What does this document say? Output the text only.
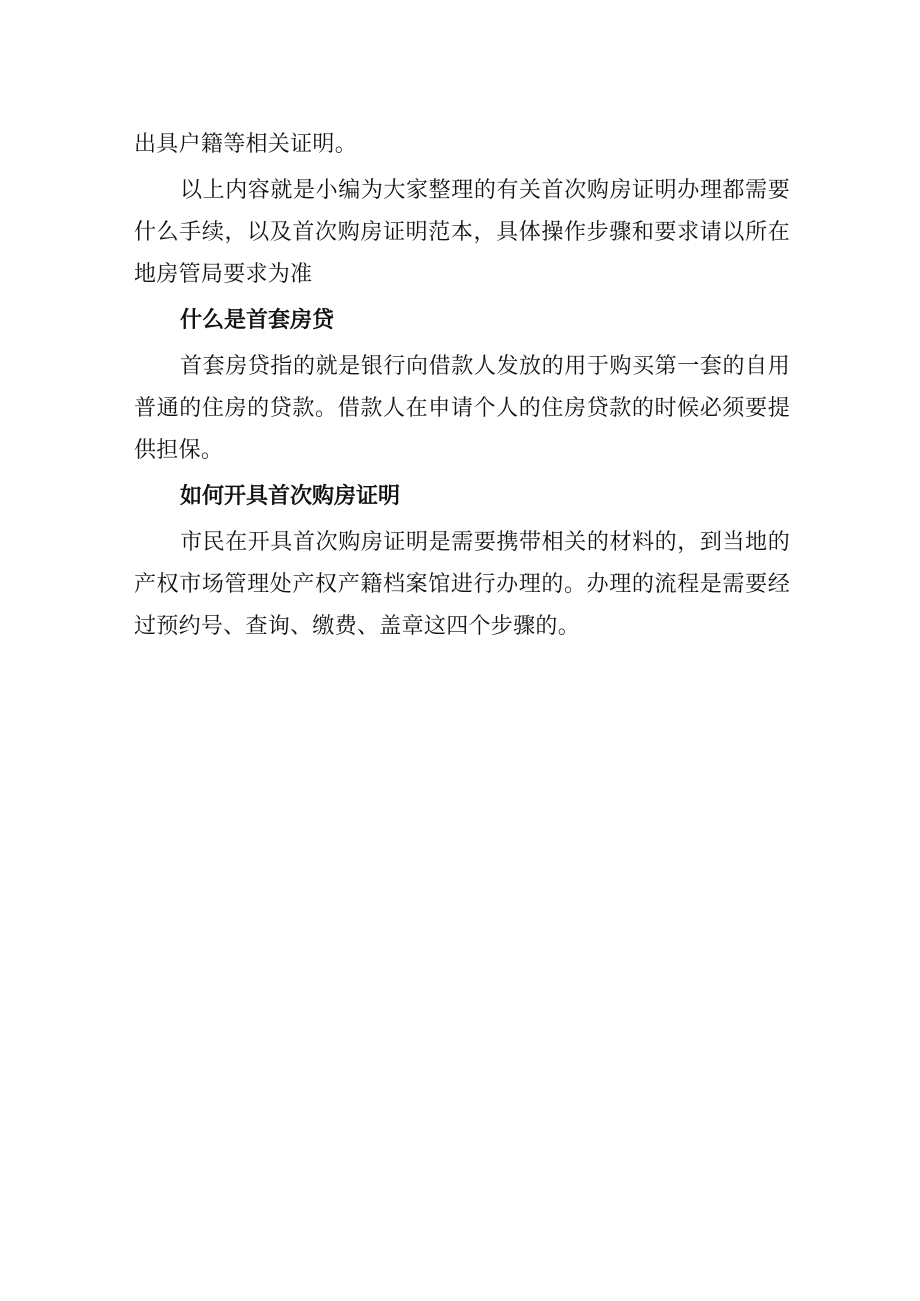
出具户籍等相关证明。

以上内容就是小编为大家整理的有关首次购房证明办理都需要什么手续，以及首次购房证明范本，具体操作步骤和要求请以所在地房管局要求为准

什么是首套房贷

首套房贷指的就是银行向借款人发放的用于购买第一套的自用普通的住房的贷款。借款人在申请个人的住房贷款的时候必须要提供担保。

如何开具首次购房证明

市民在开具首次购房证明是需要携带相关的材料的，到当地的产权市场管理处产权产籍档案馆进行办理的。办理的流程是需要经过预约号、查询、缴费、盖章这四个步骤的。
